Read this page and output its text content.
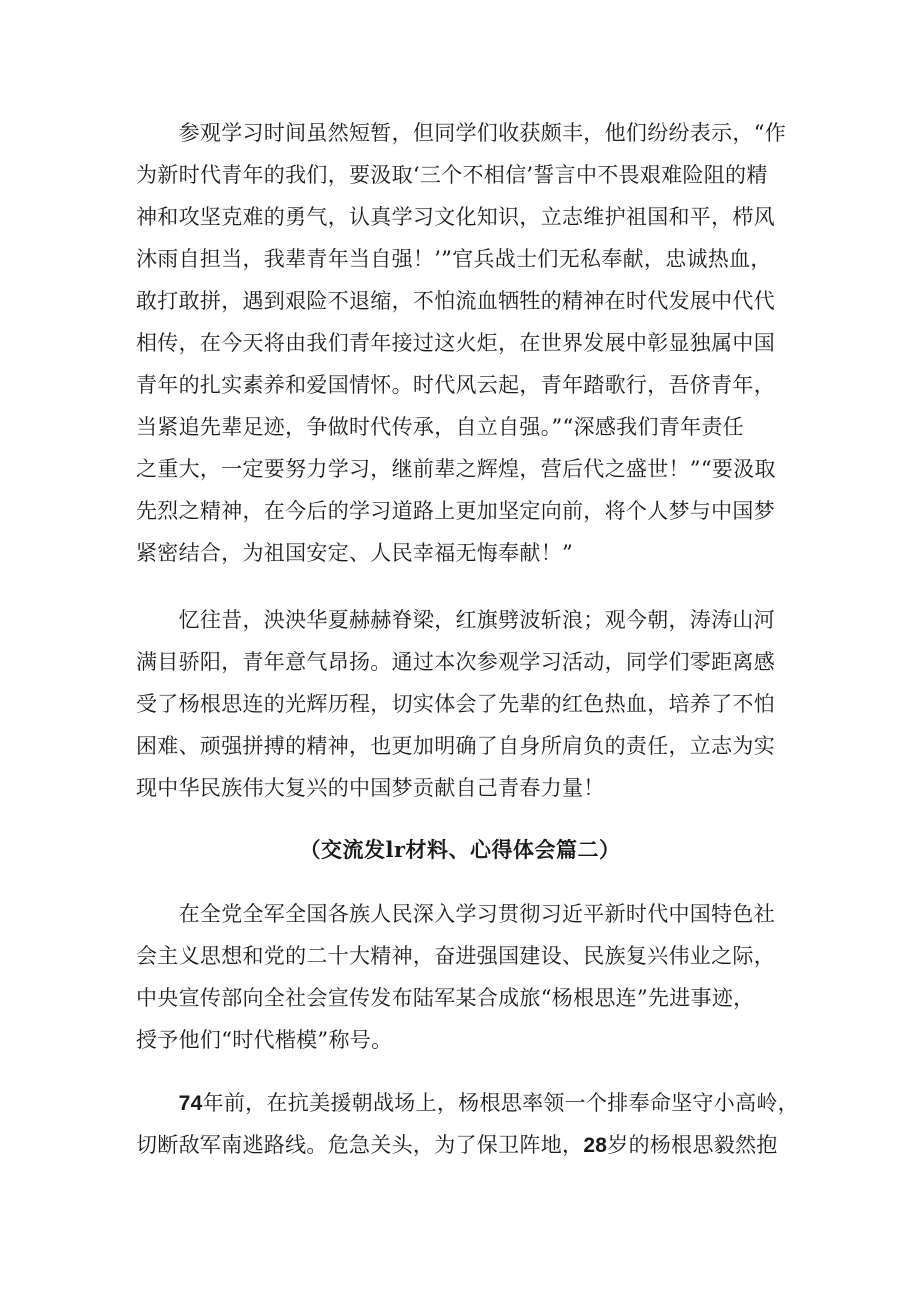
　　参观学习时间虽然短暂，但同学们收获颇丰，他们纷纷表示，“作
为新时代青年的我们，要汲取‘三个不相信’誓言中不畏艰难险阻的精
神和攻坚克难的勇气，认真学习文化知识，立志维护祖国和平，栉风
沐雨自担当，我辈青年当自强！’”官兵战士们无私奉献，忠诚热血，
敢打敢拼，遇到艰险不退缩，不怕流血牺牲的精神在时代发展中代代
相传，在今天将由我们青年接过这火炬，在世界发展中彰显独属中国
青年的扎实素养和爱国情怀。时代风云起，青年踏歌行，吾侪青年，
当紧追先辈足迹，争做时代传承，自立自强。”“深感我们青年责任
之重大，一定要努力学习，继前辈之辉煌，营后代之盛世！”“要汲取
先烈之精神，在今后的学习道路上更加坚定向前，将个人梦与中国梦
紧密结合，为祖国安定、人民幸福无悔奉献！”
　　忆往昔，泱泱华夏赫赫脊梁，红旗劈波斩浪；观今朝，涛涛山河
满目骄阳，青年意气昂扬。通过本次参观学习活动，同学们零距离感
受了杨根思连的光辉历程，切实体会了先辈的红色热血，培养了不怕
困难、顽强拼搏的精神，也更加明确了自身所肩负的责任，立志为实
现中华民族伟大复兴的中国梦贡献自己青春力量！
（交流发lr材料、心得体会篇二）
　　在全党全军全国各族人民深入学习贯彻习近平新时代中国特色社
会主义思想和党的二十大精神，奋进强国建设、民族复兴伟业之际，
中央宣传部向全社会宣传发布陆军某合成旅“杨根思连”先进事迹，
授予他们“时代楷模”称号。
　　74年前，在抗美援朝战场上，杨根思率领一个排奉命坚守小高岭，
切断敌军南逃路线。危急关头，为了保卫阵地，28岁的杨根思毅然抱
